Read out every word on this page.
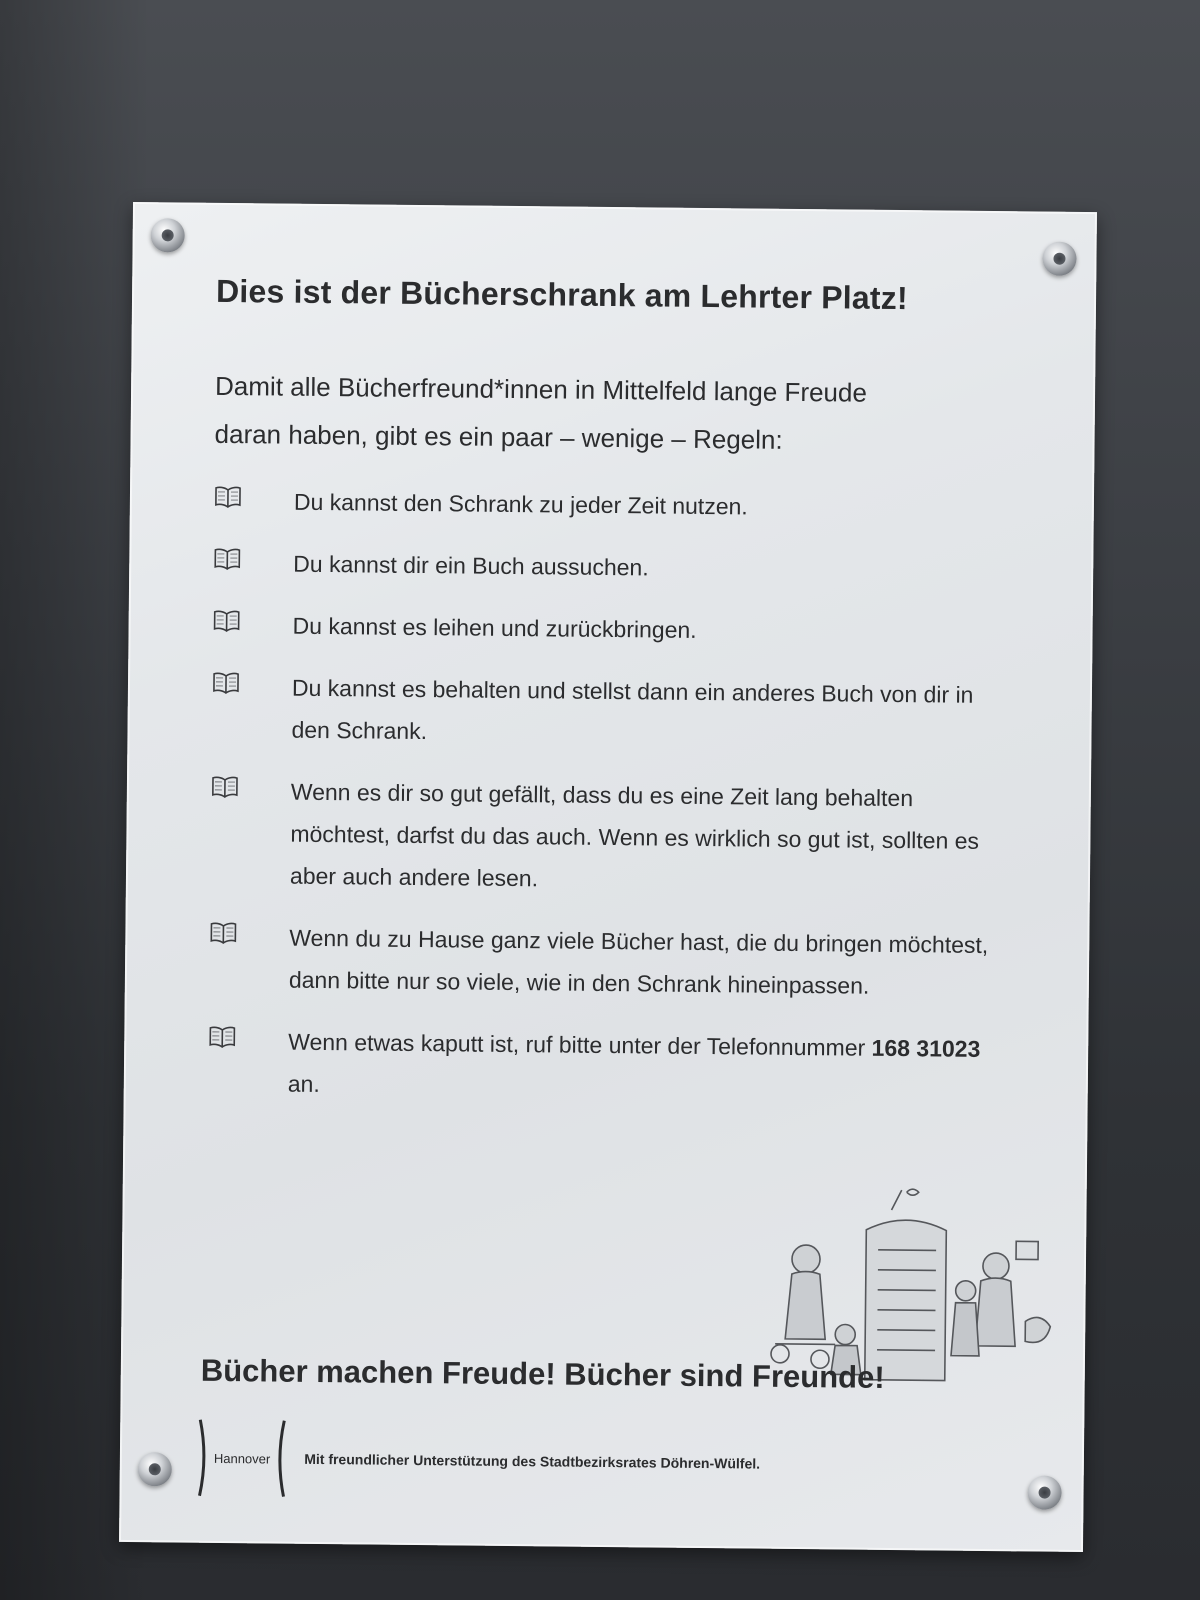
Dies ist der Bücherschrank am Lehrter Platz!

Damit alle Bücherfreund*innen in Mittelfeld lange Freude
daran haben, gibt es ein paar – wenige – Regeln:

Du kannst den Schrank zu jeder Zeit nutzen.
Du kannst dir ein Buch aussuchen.
Du kannst es leihen und zurückbringen.
Du kannst es behalten und stellst dann ein anderes Buch von dir in den Schrank.
Wenn es dir so gut gefällt, dass du es eine Zeit lang behalten möchtest, darfst du das auch. Wenn es wirklich so gut ist, sollten es aber auch andere lesen.
Wenn du zu Hause ganz viele Bücher hast, die du bringen möchtest, dann bitte nur so viele, wie in den Schrank hineinpassen.
Wenn etwas kaputt ist, ruf bitte unter der Telefonnummer 168 31023 an.
Bücher machen Freude! Bücher sind Freunde!
Hannover Mit freundlicher Unterstützung des Stadtbezirksrates Döhren-Wülfel.
